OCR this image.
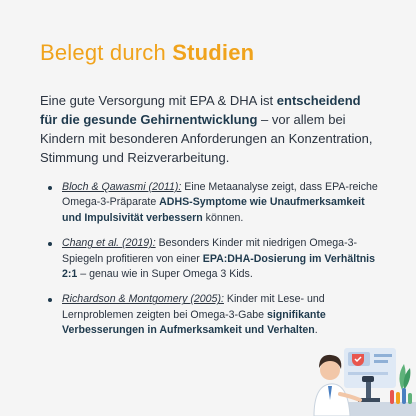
Belegt durch Studien
Eine gute Versorgung mit EPA & DHA ist entscheidend für die gesunde Gehirnentwicklung – vor allem bei Kindern mit besonderen Anforderungen an Konzentration, Stimmung und Reizverarbeitung.
Bloch & Qawasmi (2011): Eine Metaanalyse zeigt, dass EPA-reiche Omega-3-Präparate ADHS-Symptome wie Unaufmerksamkeit und Impulsivität verbessern können.
Chang et al. (2019): Besonders Kinder mit niedrigen Omega-3-Spiegeln profitieren von einer EPA:DHA-Dosierung im Verhältnis 2:1 – genau wie in Super Omega 3 Kids.
Richardson & Montgomery (2005): Kinder mit Lese- und Lernproblemen zeigten bei Omega-3-Gabe signifikante Verbesserungen in Aufmerksamkeit und Verhalten.
